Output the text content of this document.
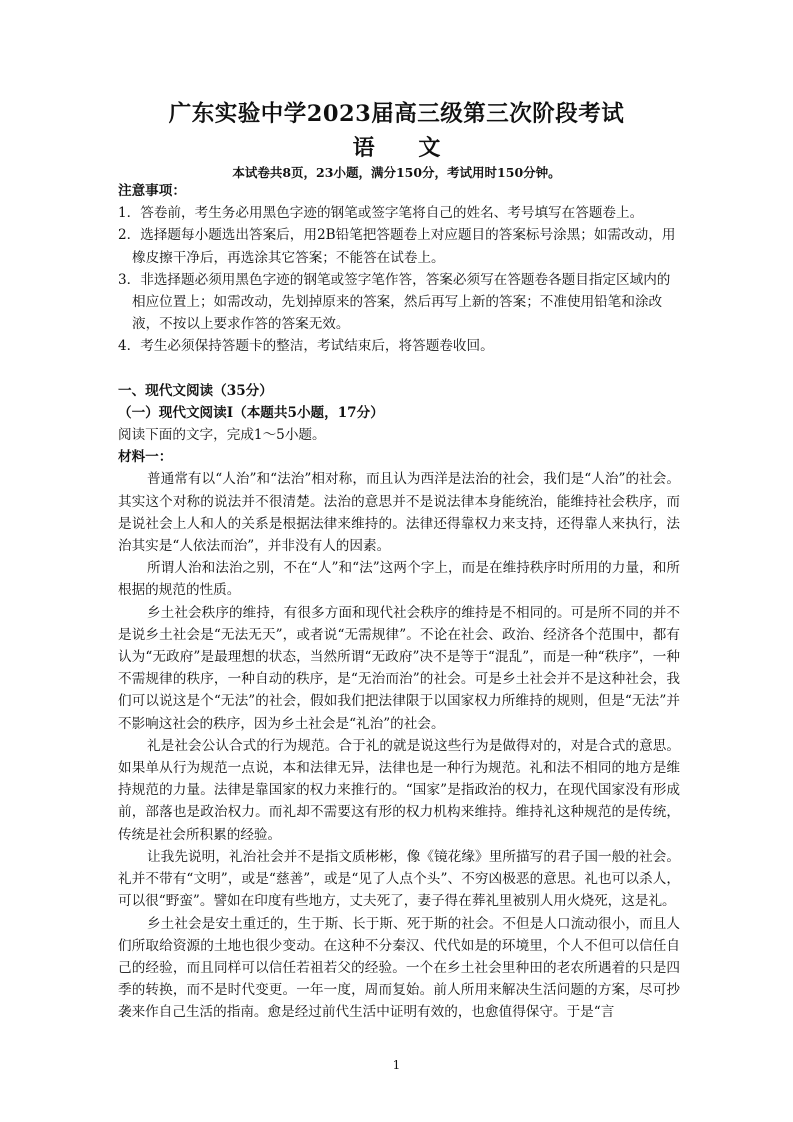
广东实验中学2023届高三级第三次阶段考试
语 文
本试卷共8页，23小题，满分150分，考试用时150分钟。

注意事项：

1．答卷前，考生务必用黑色字迹的钢笔或签字笔将自己的姓名、考号填写在答题卷上。

2．选择题每小题选出答案后，用2B铅笔把答题卷上对应题目的答案标号涂黑；如需改动，用橡皮擦干净后，再选涂其它答案；不能答在试卷上。

3．非选择题必须用黑色字迹的钢笔或签字笔作答，答案必须写在答题卷各题目指定区域内的相应位置上；如需改动，先划掉原来的答案，然后再写上新的答案；不准使用铅笔和涂改液，不按以上要求作答的答案无效。

4．考生必须保持答题卡的整洁，考试结束后，将答题卷收回。

一、现代文阅读（35分）

（一）现代文阅读I（本题共5小题，17分）

阅读下面的文字，完成1～5小题。

材料一：

普通常有以“人治”和“法治”相对称，而且认为西洋是法治的社会，我们是“人治”的社会。其实这个对称的说法并不很清楚。法治的意思并不是说法律本身能统治，能维持社会秩序，而是说社会上人和人的关系是根据法律来维持的。法律还得靠权力来支持，还得靠人来执行，法治其实是“人依法而治”，并非没有人的因素。

所谓人治和法治之别，不在“人”和“法”这两个字上，而是在维持秩序时所用的力量，和所根据的规范的性质。

乡土社会秩序的维持，有很多方面和现代社会秩序的维持是不相同的。可是所不同的并不是说乡土社会是“无法无天”，或者说“无需规律”。不论在社会、政治、经济各个范围中，都有认为“无政府”是最理想的状态，当然所谓“无政府”决不是等于“混乱”，而是一种“秩序”，一种不需规律的秩序，一种自动的秩序，是“无治而治”的社会。可是乡土社会并不是这种社会，我们可以说这是个“无法”的社会，假如我们把法律限于以国家权力所维持的规则，但是“无法”并不影响这社会的秩序，因为乡土社会是“礼治”的社会。

礼是社会公认合式的行为规范。合于礼的就是说这些行为是做得对的，对是合式的意思。如果单从行为规范一点说，本和法律无异，法律也是一种行为规范。礼和法不相同的地方是维持规范的力量。法律是靠国家的权力来推行的。“国家”是指政治的权力，在现代国家没有形成前，部落也是政治权力。而礼却不需要这有形的权力机构来维持。维持礼这种规范的是传统，传统是社会所积累的经验。

让我先说明，礼治社会并不是指文质彬彬，像《镜花缘》里所描写的君子国一般的社会。礼并不带有“文明”，或是“慈善”，或是“见了人点个头”、不穷凶极恶的意思。礼也可以杀人，可以很“野蛮”。譬如在印度有些地方，丈夫死了，妻子得在葬礼里被别人用火烧死，这是礼。

乡土社会是安土重迁的，生于斯、长于斯、死于斯的社会。不但是人口流动很小，而且人们所取给资源的土地也很少变动。在这种不分秦汉、代代如是的环境里，个人不但可以信任自己的经验，而且同样可以信任若祖若父的经验。一个在乡土社会里种田的老农所遇着的只是四季的转换，而不是时代变更。一年一度，周而复始。前人所用来解决生活问题的方案，尽可抄袭来作自己生活的指南。愈是经过前代生活中证明有效的，也愈值得保守。于是“言

1
